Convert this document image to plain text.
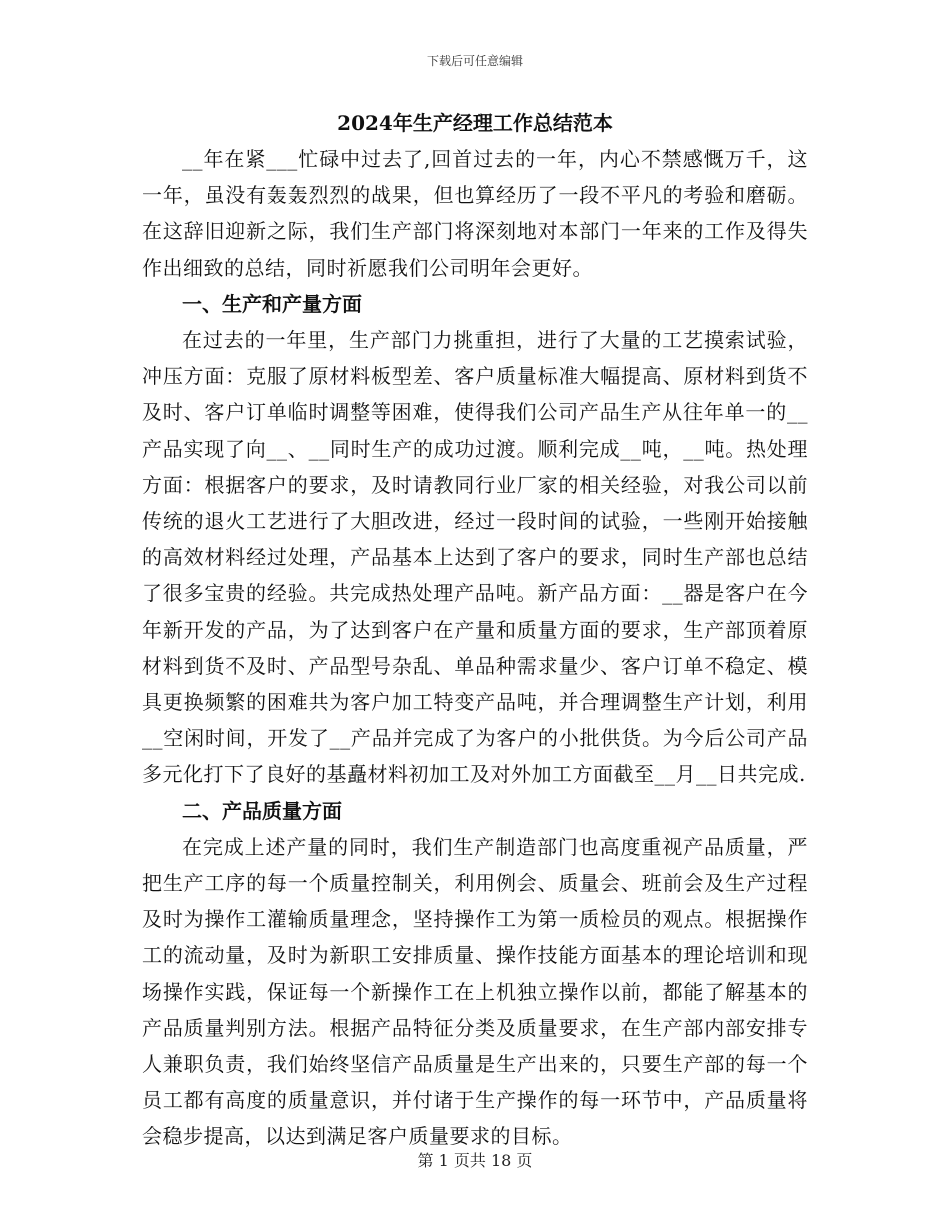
下载后可任意编辑
2024年生产经理工作总结范本

__年在紧___忙碌中过去了,回首过去的一年，内心不禁感慨万千，这一年，虽没有轰轰烈烈的战果，但也算经历了一段不平凡的考验和磨砺。在这辞旧迎新之际，我们生产部门将深刻地对本部门一年来的工作及得失作出细致的总结，同时祈愿我们公司明年会更好。

一、生产和产量方面

在过去的一年里，生产部门力挑重担，进行了大量的工艺摸索试验，冲压方面：克服了原材料板型差、客户质量标准大幅提高、原材料到货不及时、客户订单临时调整等困难，使得我们公司产品生产从往年单一的__产品实现了向__、__同时生产的成功过渡。顺利完成__吨，__吨。热处理方面：根据客户的要求，及时请教同行业厂家的相关经验，对我公司以前传统的退火工艺进行了大胆改进，经过一段时间的试验，一些刚开始接触的高效材料经过处理，产品基本上达到了客户的要求，同时生产部也总结了很多宝贵的经验。共完成热处理产品吨。新产品方面：__器是客户在今年新开发的产品，为了达到客户在产量和质量方面的要求，生产部顶着原材料到货不及时、产品型号杂乱、单品种需求量少、客户订单不稳定、模具更换频繁的困难共为客户加工特变产品吨，并合理调整生产计划，利用__空闲时间，开发了__产品并完成了为客户的小批供货。为今后公司产品多元化打下了良好的基矗材料初加工及对外加工方面截至__月__日共完成.

二、产品质量方面

在完成上述产量的同时，我们生产制造部门也高度重视产品质量，严把生产工序的每一个质量控制关，利用例会、质量会、班前会及生产过程及时为操作工灌输质量理念，坚持操作工为第一质检员的观点。根据操作工的流动量，及时为新职工安排质量、操作技能方面基本的理论培训和现场操作实践，保证每一个新操作工在上机独立操作以前，都能了解基本的产品质量判别方法。根据产品特征分类及质量要求，在生产部内部安排专人兼职负责，我们始终坚信产品质量是生产出来的，只要生产部的每一个员工都有高度的质量意识，并付诸于生产操作的每一环节中，产品质量将会稳步提高，以达到满足客户质量要求的目标。

第 1 页共 18 页
